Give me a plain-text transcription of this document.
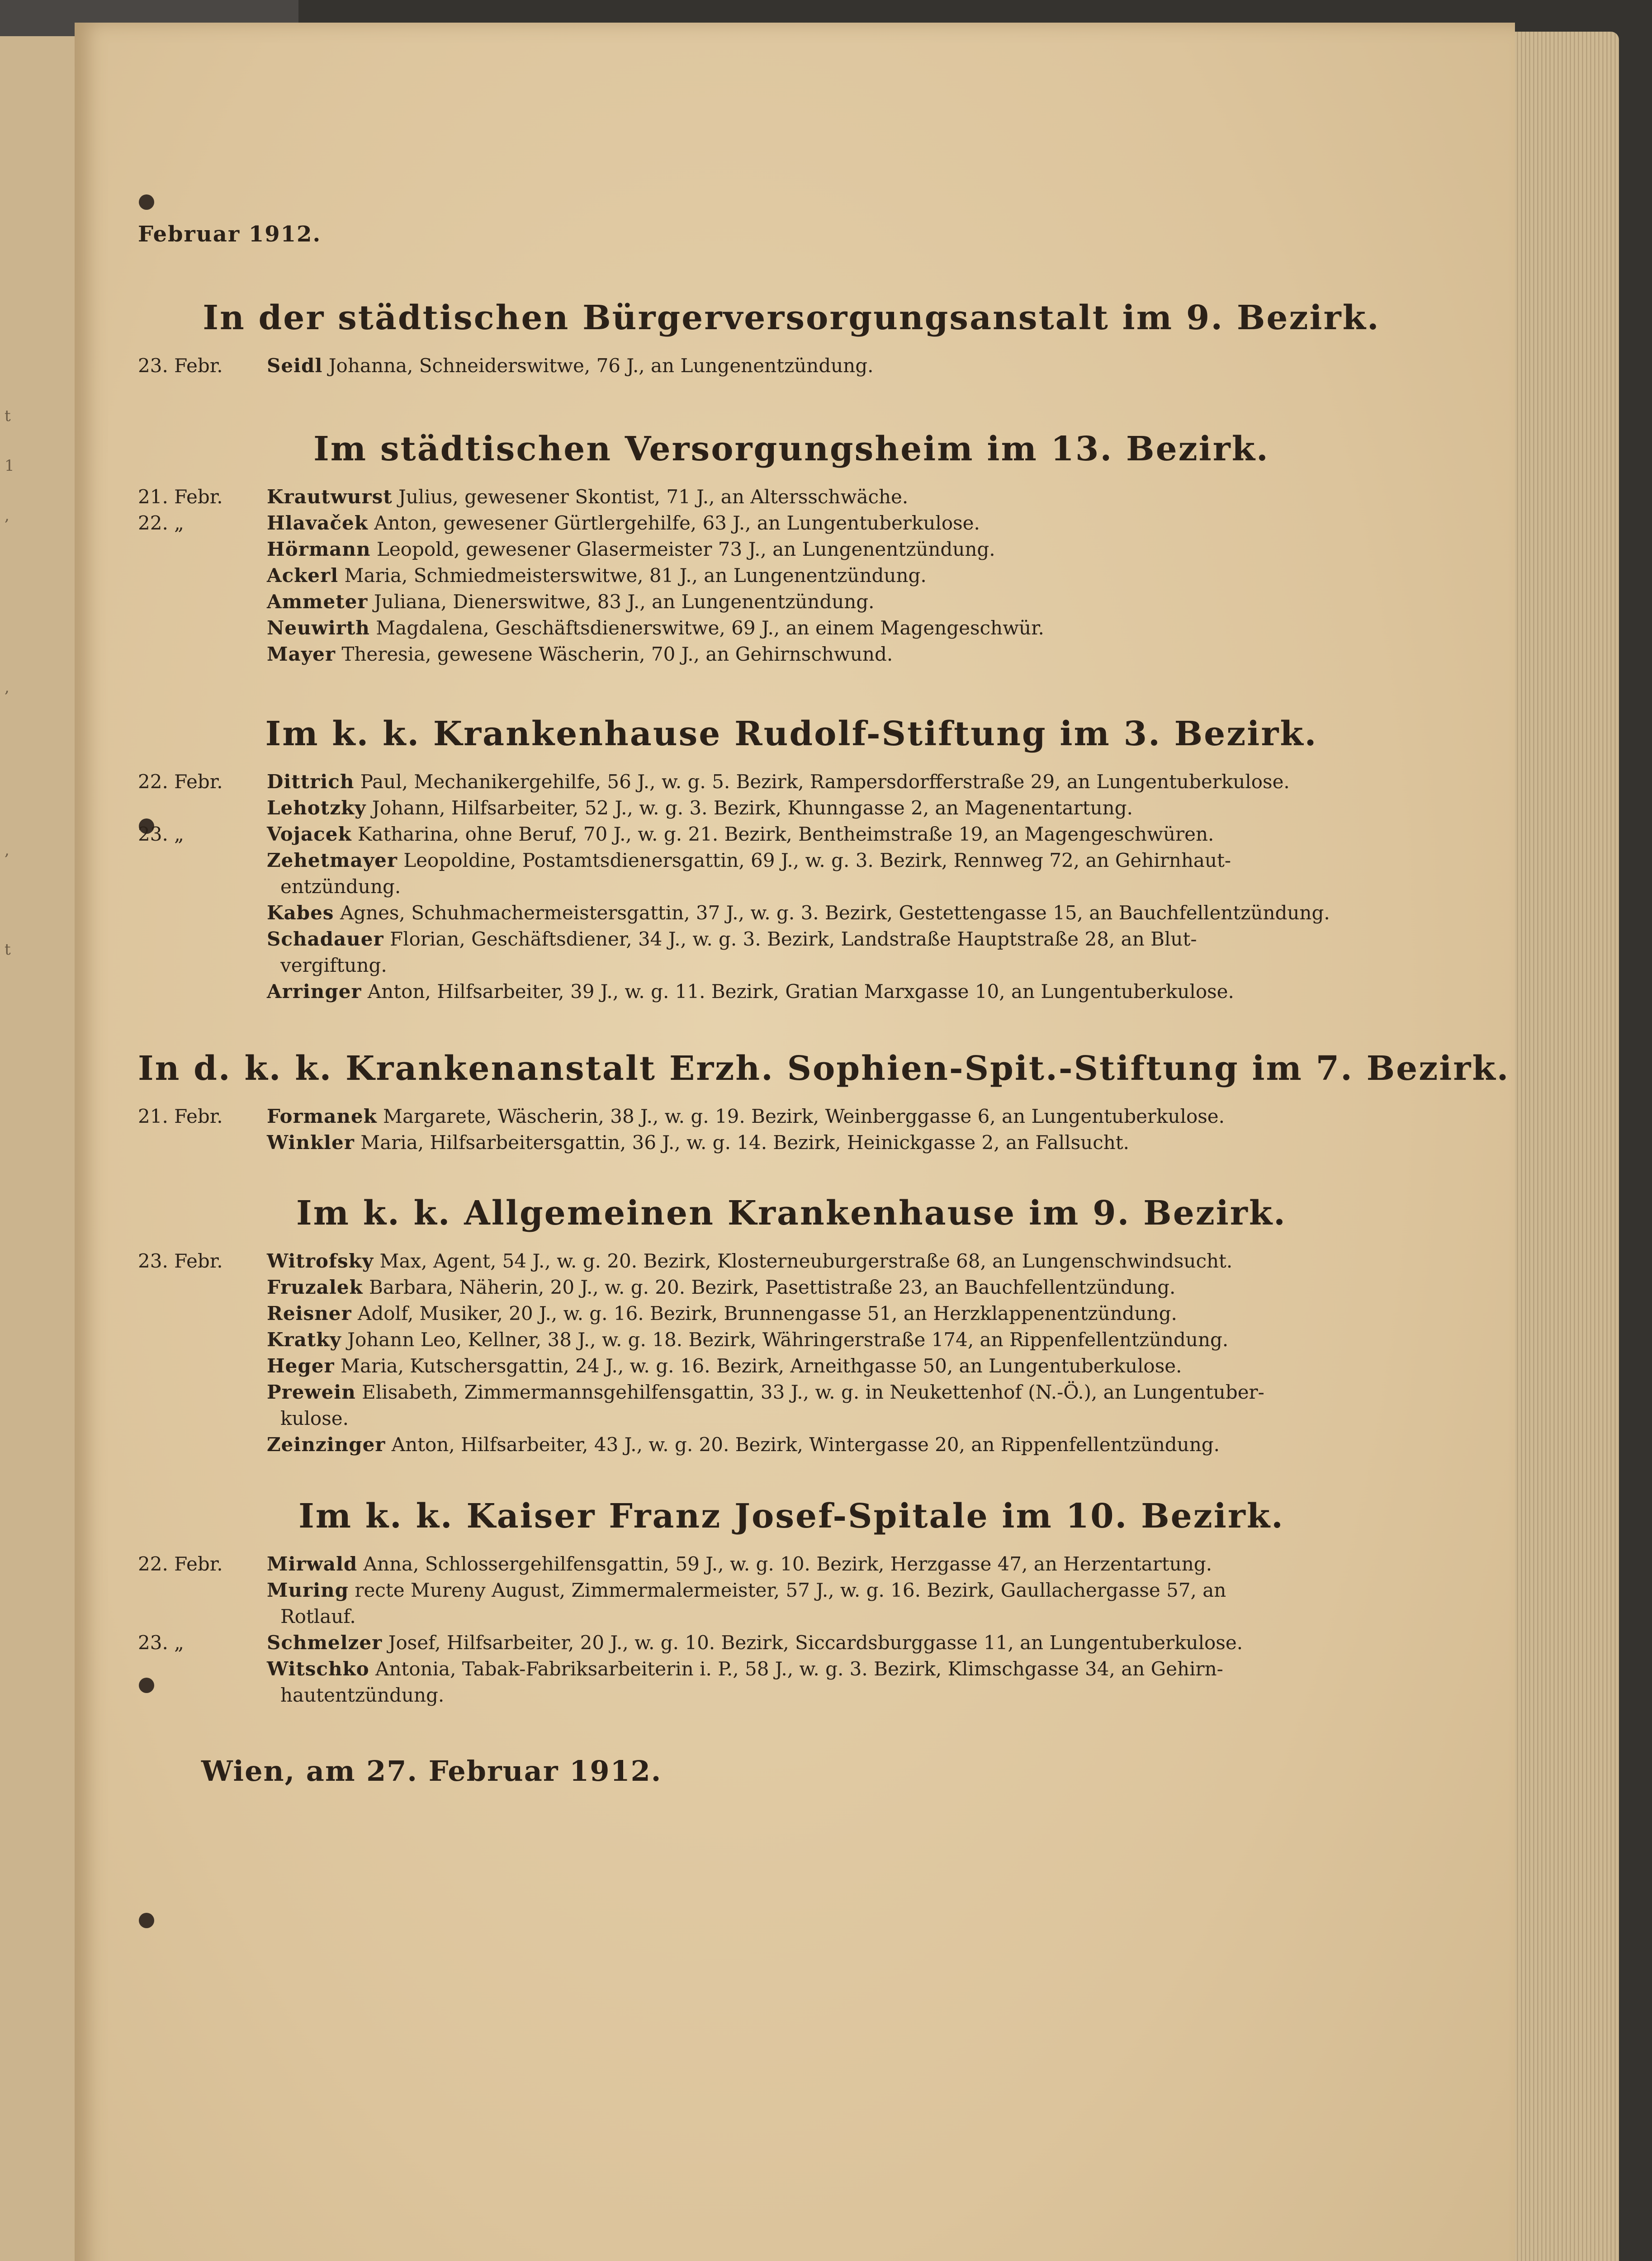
t
1
,
,
,
t
Februar 1912.
In der städtischen Bürgerversorgungsanstalt im 9. Bezirk.
23. Febr.	Seidl Johanna, Schneiderswitwe, 76 J., an Lungenentzündung.
Im städtischen Versorgungsheim im 13. Bezirk.
21. Febr.	Krautwurst Julius, gewesener Skontist, 71 J., an Altersschwäche.
22. „	Hlavaček Anton, gewesener Gürtlergehilfe, 63 J., an Lungentuberkulose.
Hörmann Leopold, gewesener Glasermeister 73 J., an Lungenentzündung.
Ackerl Maria, Schmiedmeisterswitwe, 81 J., an Lungenentzündung.
Ammeter Juliana, Dienerswitwe, 83 J., an Lungenentzündung.
Neuwirth Magdalena, Geschäftsdienerswitwe, 69 J., an einem Magengeschwür.
Mayer Theresia, gewesene Wäscherin, 70 J., an Gehirnschwund.
Im k. k. Krankenhause Rudolf-Stiftung im 3. Bezirk.
22. Febr.	Dittrich Paul, Mechanikergehilfe, 56 J., w. g. 5. Bezirk, Rampersdorfferstraße 29, an Lungentuberkulose.
Lehotzky Johann, Hilfsarbeiter, 52 J., w. g. 3. Bezirk, Khunngasse 2, an Magenentartung.
23. „	Vojacek Katharina, ohne Beruf, 70 J., w. g. 21. Bezirk, Bentheimstraße 19, an Magengeschwüren.
Zehetmayer Leopoldine, Postamtsdienersgattin, 69 J., w. g. 3. Bezirk, Rennweg 72, an Gehirnhaut-
entzündung.
Kabes Agnes, Schuhmachermeistersgattin, 37 J., w. g. 3. Bezirk, Gestettengasse 15, an Bauchfellentzündung.
Schadauer Florian, Geschäftsdiener, 34 J., w. g. 3. Bezirk, Landstraße Hauptstraße 28, an Blut-
vergiftung.
Arringer Anton, Hilfsarbeiter, 39 J., w. g. 11. Bezirk, Gratian Marxgasse 10, an Lungentuberkulose.
In d. k. k. Krankenanstalt Erzh. Sophien-Spit.-Stiftung im 7. Bezirk.
21. Febr.	Formanek Margarete, Wäscherin, 38 J., w. g. 19. Bezirk, Weinberggasse 6, an Lungentuberkulose.
Winkler Maria, Hilfsarbeitersgattin, 36 J., w. g. 14. Bezirk, Heinickgasse 2, an Fallsucht.
Im k. k. Allgemeinen Krankenhause im 9. Bezirk.
23. Febr.	Witrofsky Max, Agent, 54 J., w. g. 20. Bezirk, Klosterneuburgerstraße 68, an Lungenschwindsucht.
Fruzalek Barbara, Näherin, 20 J., w. g. 20. Bezirk, Pasettistraße 23, an Bauchfellentzündung.
Reisner Adolf, Musiker, 20 J., w. g. 16. Bezirk, Brunnengasse 51, an Herzklappenentzündung.
Kratky Johann Leo, Kellner, 38 J., w. g. 18. Bezirk, Währingerstraße 174, an Rippenfellentzündung.
Heger Maria, Kutschersgattin, 24 J., w. g. 16. Bezirk, Arneithgasse 50, an Lungentuberkulose.
Prewein Elisabeth, Zimmermannsgehilfensgattin, 33 J., w. g. in Neukettenhof (N.-Ö.), an Lungentuber-
kulose.
Zeinzinger Anton, Hilfsarbeiter, 43 J., w. g. 20. Bezirk, Wintergasse 20, an Rippenfellentzündung.
Im k. k. Kaiser Franz Josef-Spitale im 10. Bezirk.
22. Febr.	Mirwald Anna, Schlossergehilfensgattin, 59 J., w. g. 10. Bezirk, Herzgasse 47, an Herzentartung.
Muring recte Mureny August, Zimmermalermeister, 57 J., w. g. 16. Bezirk, Gaullachergasse 57, an
Rotlauf.
23. „	Schmelzer Josef, Hilfsarbeiter, 20 J., w. g. 10. Bezirk, Siccardsburggasse 11, an Lungentuberkulose.
Witschko Antonia, Tabak-Fabriksarbeiterin i. P., 58 J., w. g. 3. Bezirk, Klimschgasse 34, an Gehirn-
hautentzündung.
Wien, am 27. Februar 1912.
